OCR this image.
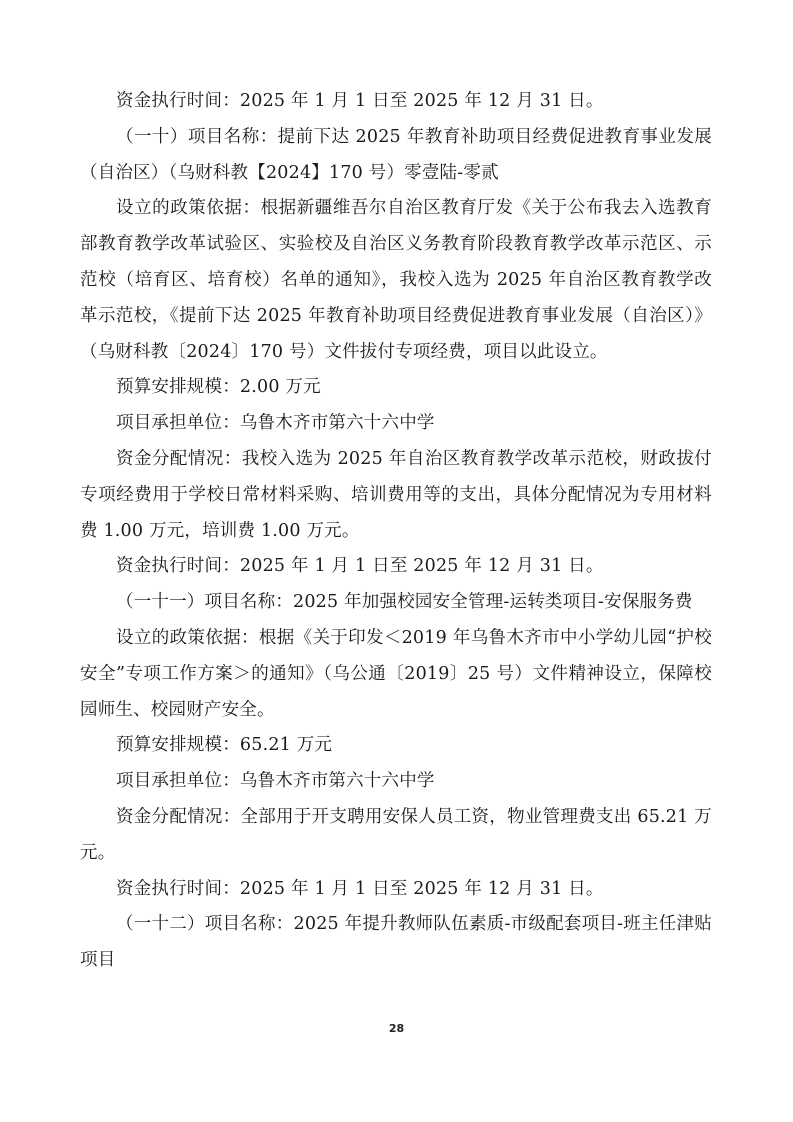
资金执行时间：2025 年 1 月 1 日至 2025 年 12 月 31 日。

（一十）项目名称：提前下达 2025 年教育补助项目经费促进教育事业发展（自治区）（乌财科教【2024】170 号）零壹陆-零贰

设立的政策依据：根据新疆维吾尔自治区教育厅发《关于公布我去入选教育部教育教学改革试验区、实验校及自治区义务教育阶段教育教学改革示范区、示范校（培育区、培育校）名单的通知》，我校入选为 2025 年自治区教育教学改革示范校，《提前下达 2025 年教育补助项目经费促进教育事业发展（自治区）》（乌财科教〔2024〕170 号）文件拔付专项经费，项目以此设立。

预算安排规模：2.00 万元

项目承担单位：乌鲁木齐市第六十六中学

资金分配情况：我校入选为 2025 年自治区教育教学改革示范校，财政拔付专项经费用于学校日常材料采购、培训费用等的支出，具体分配情况为专用材料费 1.00 万元，培训费 1.00 万元。

资金执行时间：2025 年 1 月 1 日至 2025 年 12 月 31 日。

（一十一）项目名称：2025 年加强校园安全管理-运转类项目-安保服务费

设立的政策依据：根据《关于印发＜2019 年乌鲁木齐市中小学幼儿园“护校安全”专项工作方案＞的通知》（乌公通〔2019〕25 号）文件精神设立，保障校园师生、校园财产安全。

预算安排规模：65.21 万元

项目承担单位：乌鲁木齐市第六十六中学

资金分配情况：全部用于开支聘用安保人员工资，物业管理费支出 65.21 万元。

资金执行时间：2025 年 1 月 1 日至 2025 年 12 月 31 日。

（一十二）项目名称：2025 年提升教师队伍素质-市级配套项目-班主任津贴项目

28
